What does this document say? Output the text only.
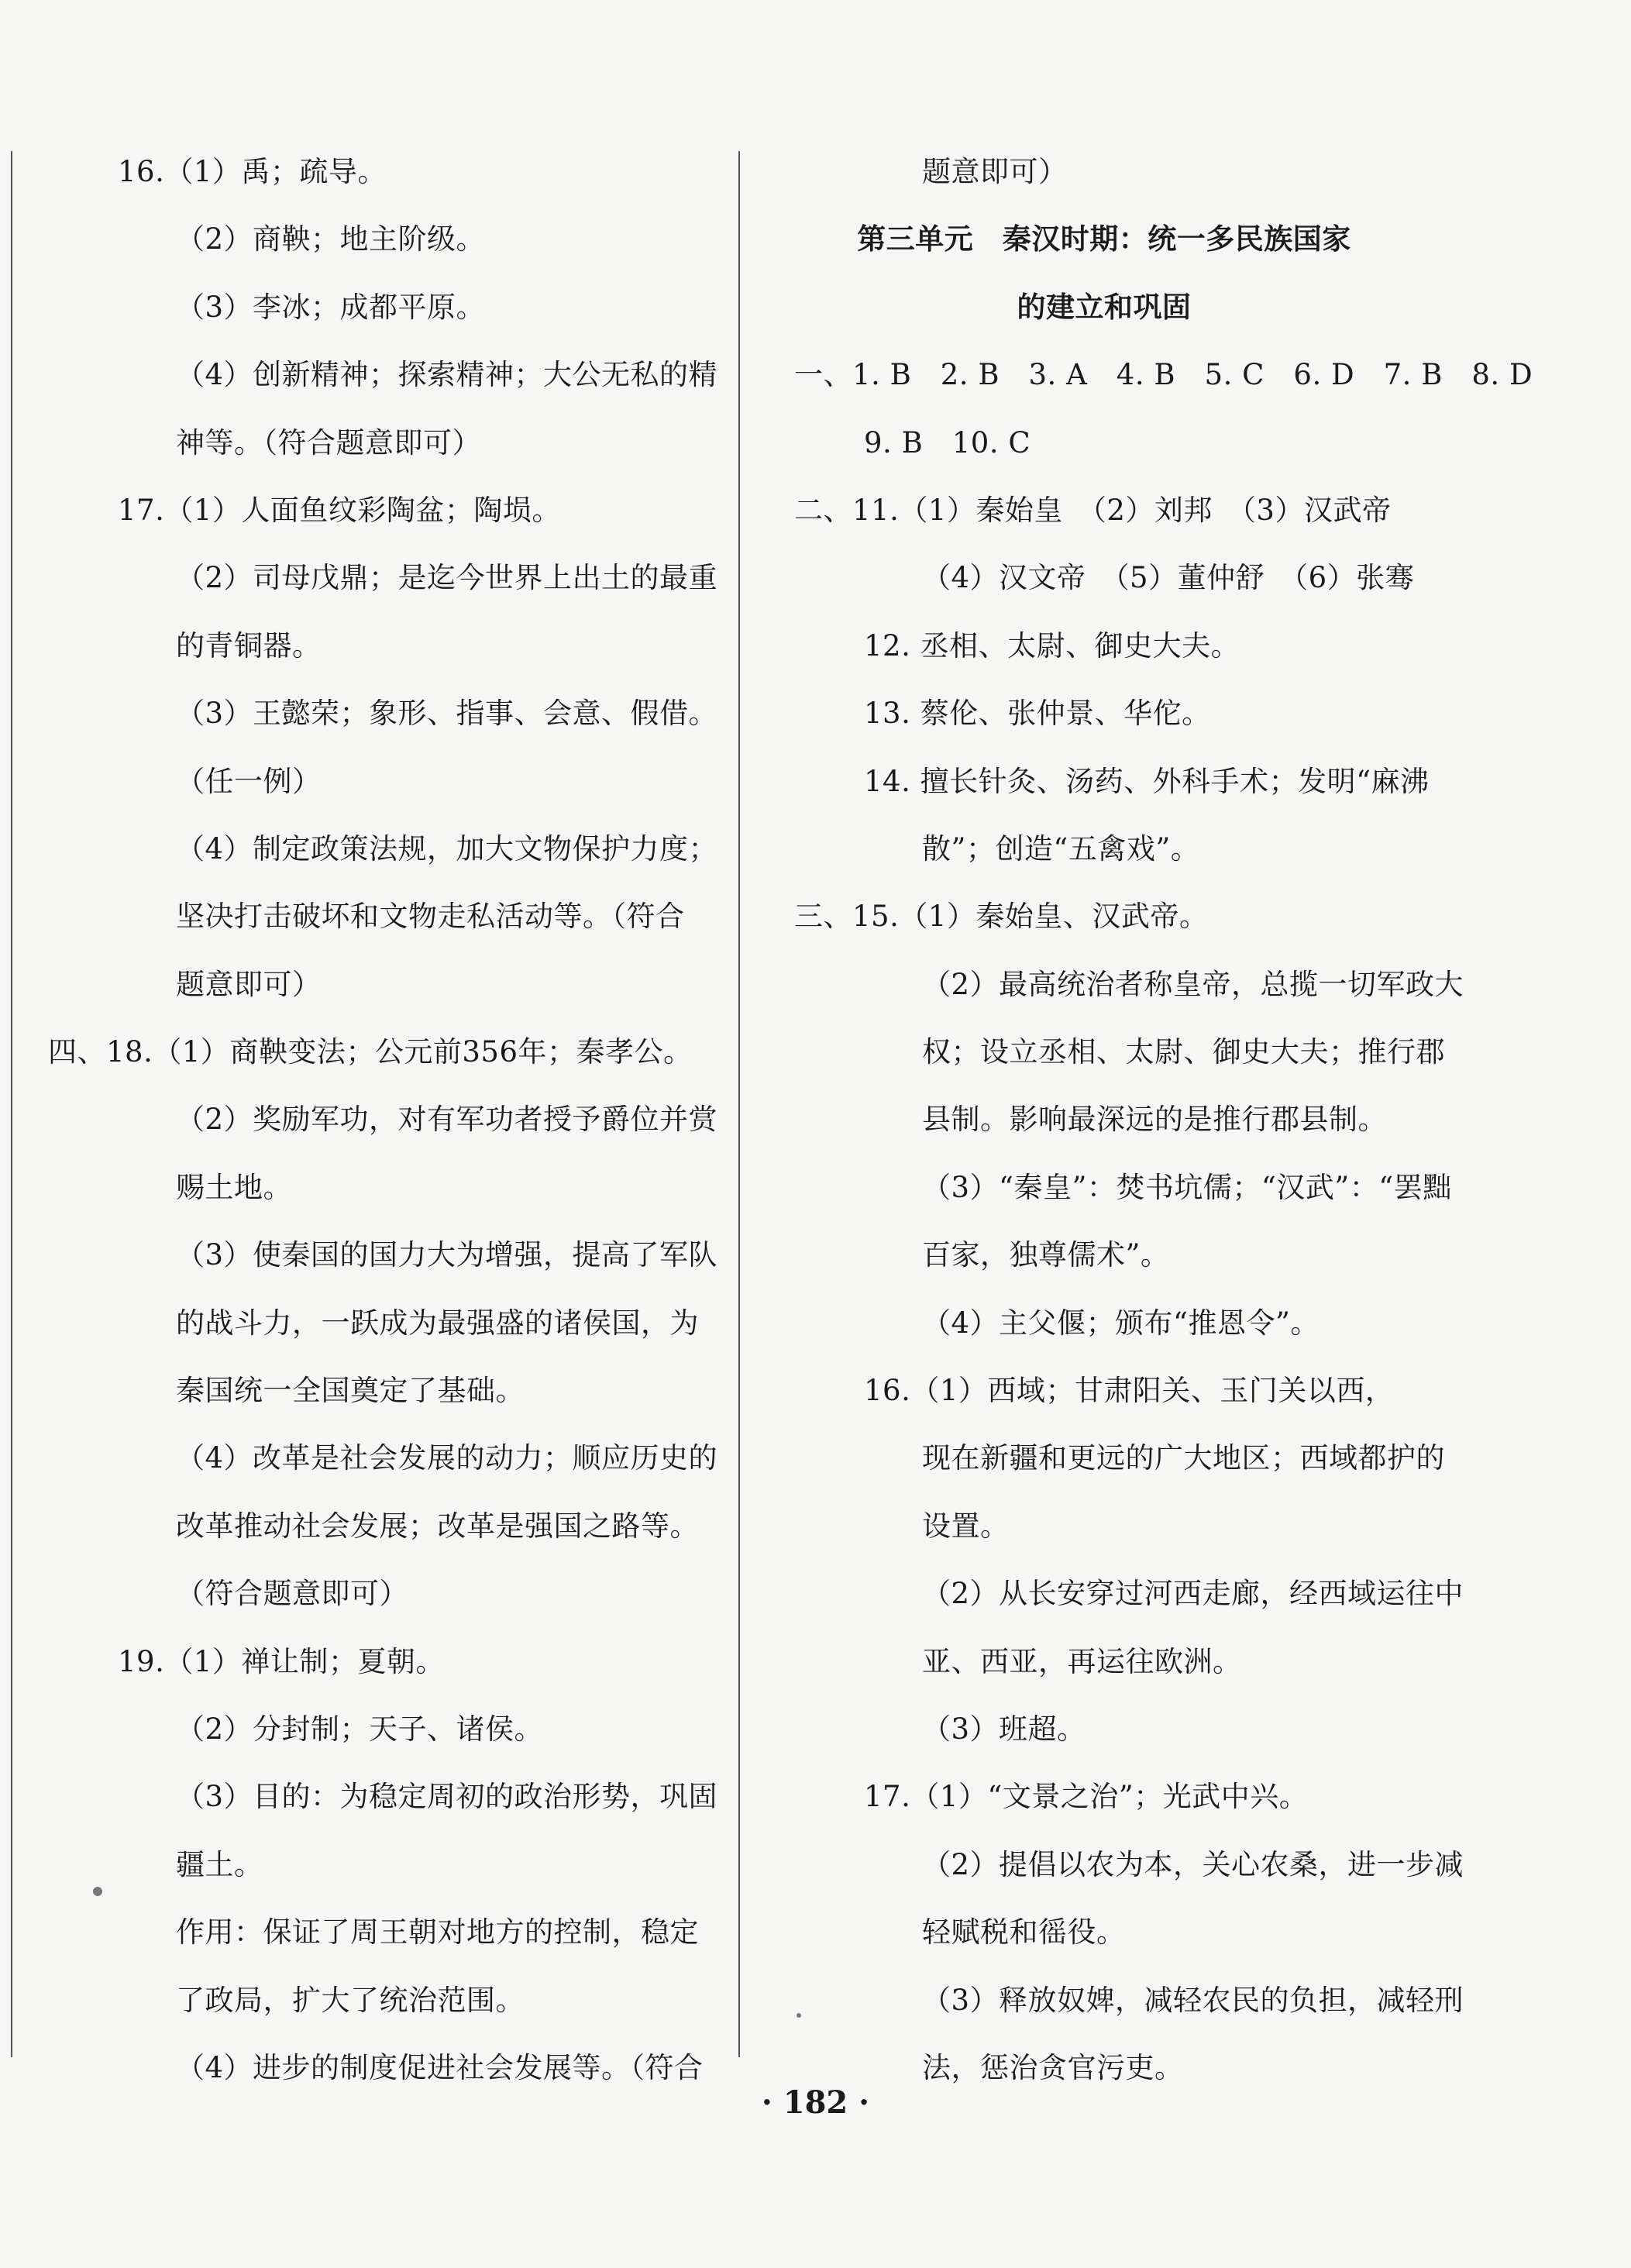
16.（1）禹；疏导。
（2）商鞅；地主阶级。
（3）李冰；成都平原。
（4）创新精神；探索精神；大公无私的精
神等。（符合题意即可）
17.（1）人面鱼纹彩陶盆；陶埙。
（2）司母戊鼎；是迄今世界上出土的最重
的青铜器。
（3）王懿荣；象形、指事、会意、假借。
（任一例）
（4）制定政策法规，加大文物保护力度；
坚决打击破坏和文物走私活动等。（符合
题意即可）
四、18.（1）商鞅变法；公元前356年；秦孝公。
（2）奖励军功，对有军功者授予爵位并赏
赐土地。
（3）使秦国的国力大为增强，提高了军队
的战斗力，一跃成为最强盛的诸侯国，为
秦国统一全国奠定了基础。
（4）改革是社会发展的动力；顺应历史的
改革推动社会发展；改革是强国之路等。
（符合题意即可）
19.（1）禅让制；夏朝。
（2）分封制；天子、诸侯。
（3）目的：为稳定周初的政治形势，巩固
疆土。
作用：保证了周王朝对地方的控制，稳定
了政局，扩大了统治范围。
（4）进步的制度促进社会发展等。（符合
题意即可）
第三单元　秦汉时期：统一多民族国家
的建立和巩固
一、1. B　2. B　3. A　4. B　5. C　6. D　7. B　8. D
9. B　10. C
二、11.（1）秦始皇　（2）刘邦　（3）汉武帝
（4）汉文帝　（5）董仲舒　（6）张骞
12. 丞相、太尉、御史大夫。
13. 蔡伦、张仲景、华佗。
14. 擅长针灸、汤药、外科手术；发明“麻沸
散”；创造“五禽戏”。
三、15.（1）秦始皇、汉武帝。
（2）最高统治者称皇帝，总揽一切军政大
权；设立丞相、太尉、御史大夫；推行郡
县制。影响最深远的是推行郡县制。
（3）“秦皇”：焚书坑儒；“汉武”：“罢黜
百家，独尊儒术”。
（4）主父偃；颁布“推恩令”。
16.（1）西域；甘肃阳关、玉门关以西，
现在新疆和更远的广大地区；西域都护的
设置。
（2）从长安穿过河西走廊，经西域运往中
亚、西亚，再运往欧洲。
（3）班超。
17.（1）“文景之治”；光武中兴。
（2）提倡以农为本，关心农桑，进一步减
轻赋税和徭役。
（3）释放奴婢，减轻农民的负担，减轻刑
法，惩治贪官污吏。
· 182 ·
